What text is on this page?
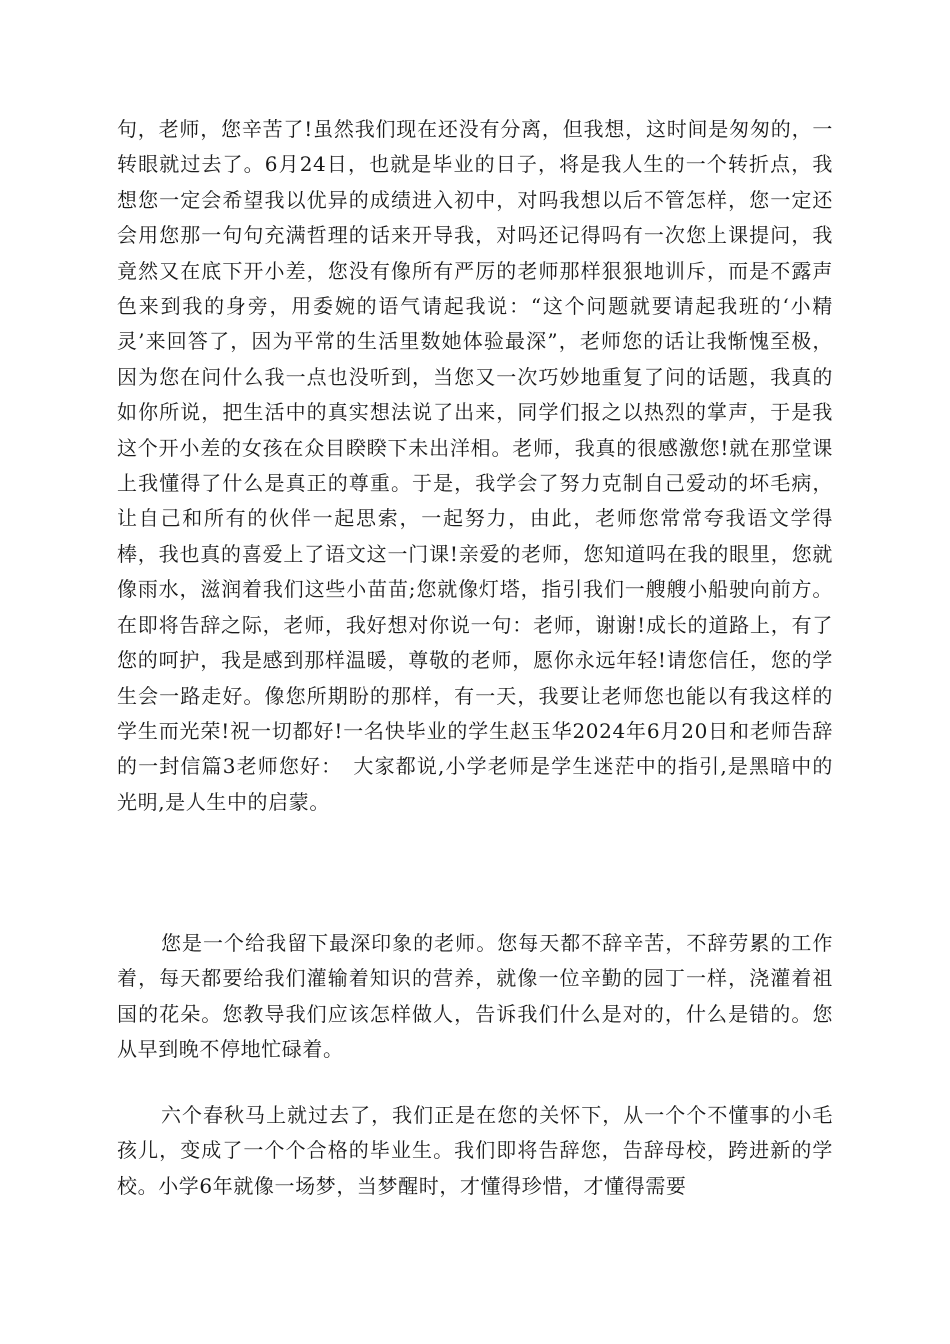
句，老师，您辛苦了!虽然我们现在还没有分离，但我想，这时间是匆匆的，一转眼就过去了。6月24日，也就是毕业的日子，将是我人生的一个转折点，我想您一定会希望我以优异的成绩进入初中，对吗我想以后不管怎样，您一定还会用您那一句句充满哲理的话来开导我，对吗还记得吗有一次您上课提问，我竟然又在底下开小差，您没有像所有严厉的老师那样狠狠地训斥，而是不露声色来到我的身旁，用委婉的语气请起我说：“这个问题就要请起我班的‘小精灵’来回答了，因为平常的生活里数她体验最深”，老师您的话让我惭愧至极，因为您在问什么我一点也没听到，当您又一次巧妙地重复了问的话题，我真的如你所说，把生活中的真实想法说了出来，同学们报之以热烈的掌声，于是我这个开小差的女孩在众目睽睽下未出洋相。老师，我真的很感激您!就在那堂课上我懂得了什么是真正的尊重。于是，我学会了努力克制自己爱动的坏毛病，让自己和所有的伙伴一起思索，一起努力，由此，老师您常常夸我语文学得棒，我也真的喜爱上了语文这一门课!亲爱的老师，您知道吗在我的眼里，您就像雨水，滋润着我们这些小苗苗;您就像灯塔，指引我们一艘艘小船驶向前方。在即将告辞之际，老师，我好想对你说一句：老师，谢谢!成长的道路上，有了您的呵护，我是感到那样温暖，尊敬的老师，愿你永远年轻!请您信任，您的学生会一路走好。像您所期盼的那样，有一天，我要让老师您也能以有我这样的学生而光荣!祝一切都好!一名快毕业的学生赵玉华2024年6月20日和老师告辞的一封信篇3老师您好：　大家都说,小学老师是学生迷茫中的指引,是黑暗中的光明,是人生中的启蒙。

您是一个给我留下最深印象的老师。您每天都不辞辛苦，不辞劳累的工作着，每天都要给我们灌输着知识的营养，就像一位辛勤的园丁一样，浇灌着祖国的花朵。您教导我们应该怎样做人，告诉我们什么是对的，什么是错的。您从早到晚不停地忙碌着。

六个春秋马上就过去了，我们正是在您的关怀下，从一个个不懂事的小毛孩儿，变成了一个个合格的毕业生。我们即将告辞您，告辞母校，跨进新的学校。小学6年就像一场梦，当梦醒时，才懂得珍惜，才懂得需要
